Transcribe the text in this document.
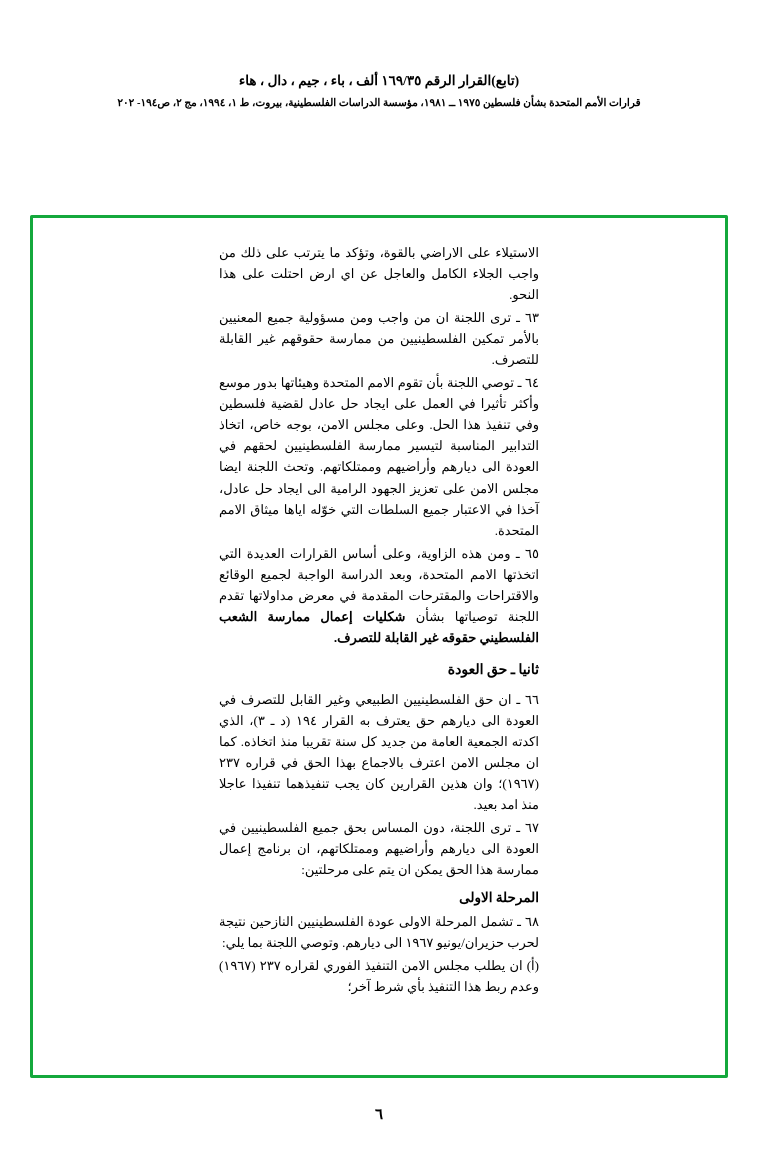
(تابع)القرار الرقم ١٦٩/٣٥ ألف ، باء ، جيم ، دال ، هاء
قرارات الأمم المتحدة بشأن فلسطين ١٩٧٥ ــ ١٩٨١، مؤسسة الدراسات الفلسطينية، بيروت، ط ١، ١٩٩٤، مج ٢، ص١٩٤- ٢٠٢

الاستيلاء على الاراضي بالقوة، وتؤكد ما يترتب على ذلك من واجب الجلاء الكامل والعاجل عن اي ارض احتلت على هذا النحو.

٦٣ ـ ترى اللجنة ان من واجب ومن مسؤولية جميع المعنيين بالأمر تمكين الفلسطينيين من ممارسة حقوقهم غير القابلة للتصرف.

٦٤ ـ توصي اللجنة بأن تقوم الامم المتحدة وهيئاتها بدور موسع وأكثر تأثيرا في العمل على ايجاد حل عادل لقضية فلسطين وفي تنفيذ هذا الحل. وعلى مجلس الامن، بوجه خاص، اتخاذ التدابير المناسبة لتيسير ممارسة الفلسطينيين لحقهم في العودة الى ديارهم وأراضيهم وممتلكاتهم. وتحث اللجنة ايضا مجلس الامن على تعزيز الجهود الرامية الى ايجاد حل عادل، آخذا في الاعتبار جميع السلطات التي خوّله اياها ميثاق الامم المتحدة.

٦٥ ـ ومن هذه الزاوية، وعلى أساس القرارات العديدة التي اتخذتها الامم المتحدة، وبعد الدراسة الواجبة لجميع الوقائع والاقتراحات والمقترحات المقدمة في معرض مداولاتها تقدم اللجنة توصياتها بشأن شكليات إعمال ممارسة الشعب الفلسطيني حقوقه غير القابلة للتصرف.

ثانيا ـ حق العودة

٦٦ ـ ان حق الفلسطينيين الطبيعي وغير القابل للتصرف في العودة الى ديارهم حق يعترف به القرار ١٩٤ (د ـ ٣)، الذي اكدته الجمعية العامة من جديد كل سنة تقريبا منذ اتخاذه. كما ان مجلس الامن اعترف بالاجماع بهذا الحق في قراره ٢٣٧ (١٩٦٧)؛ وان هذين القرارين كان يجب تنفيذهما تنفيذا عاجلا منذ امد بعيد.

٦٧ ـ ترى اللجنة، دون المساس بحق جميع الفلسطينيين في العودة الى ديارهم وأراضيهم وممتلكاتهم، ان برنامج إعمال ممارسة هذا الحق يمكن ان يتم على مرحلتين:

المرحلة الاولى

٦٨ ـ تشمل المرحلة الاولى عودة الفلسطينيين النازحين نتيجة لحرب حزيران/يونيو ١٩٦٧ الى ديارهم. وتوصي اللجنة بما يلي:

(أ) ان يطلب مجلس الامن التنفيذ الفوري لقراره ٢٣٧ (١٩٦٧) وعدم ربط هذا التنفيذ بأي شرط آخر؛

٦
